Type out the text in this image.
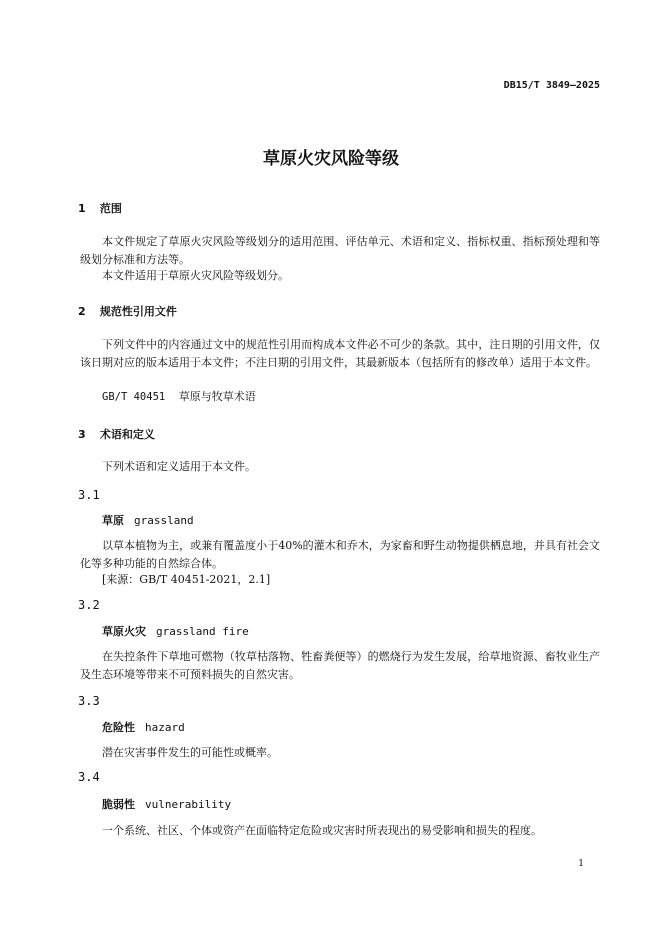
DB15/T 3849—2025
草原火灾风险等级
1 范围
本文件规定了草原火灾风险等级划分的适用范围、评估单元、术语和定义、指标权重、指标预处理和等级划分标准和方法等。
本文件适用于草原火灾风险等级划分。
2 规范性引用文件
下列文件中的内容通过文中的规范性引用而构成本文件必不可少的条款。其中，注日期的引用文件，仅该日期对应的版本适用于本文件；不注日期的引用文件，其最新版本（包括所有的修改单）适用于本文件。
GB/T 40451 草原与牧草术语
3 术语和定义
下列术语和定义适用于本文件。
3.1
草原 grassland
以草本植物为主，或兼有覆盖度小于40%的灌木和乔木，为家畜和野生动物提供栖息地，并具有社会文化等多种功能的自然综合体。
[来源：GB/T 40451-2021，2.1]
3.2
草原火灾 grassland fire
在失控条件下草地可燃物（牧草枯落物、牲畜粪便等）的燃烧行为发生发展，给草地资源、畜牧业生产及生态环境等带来不可预料损失的自然灾害。
3.3
危险性 hazard
潜在灾害事件发生的可能性或概率。
3.4
脆弱性 vulnerability
一个系统、社区、个体或资产在面临特定危险或灾害时所表现出的易受影响和损失的程度。
1
